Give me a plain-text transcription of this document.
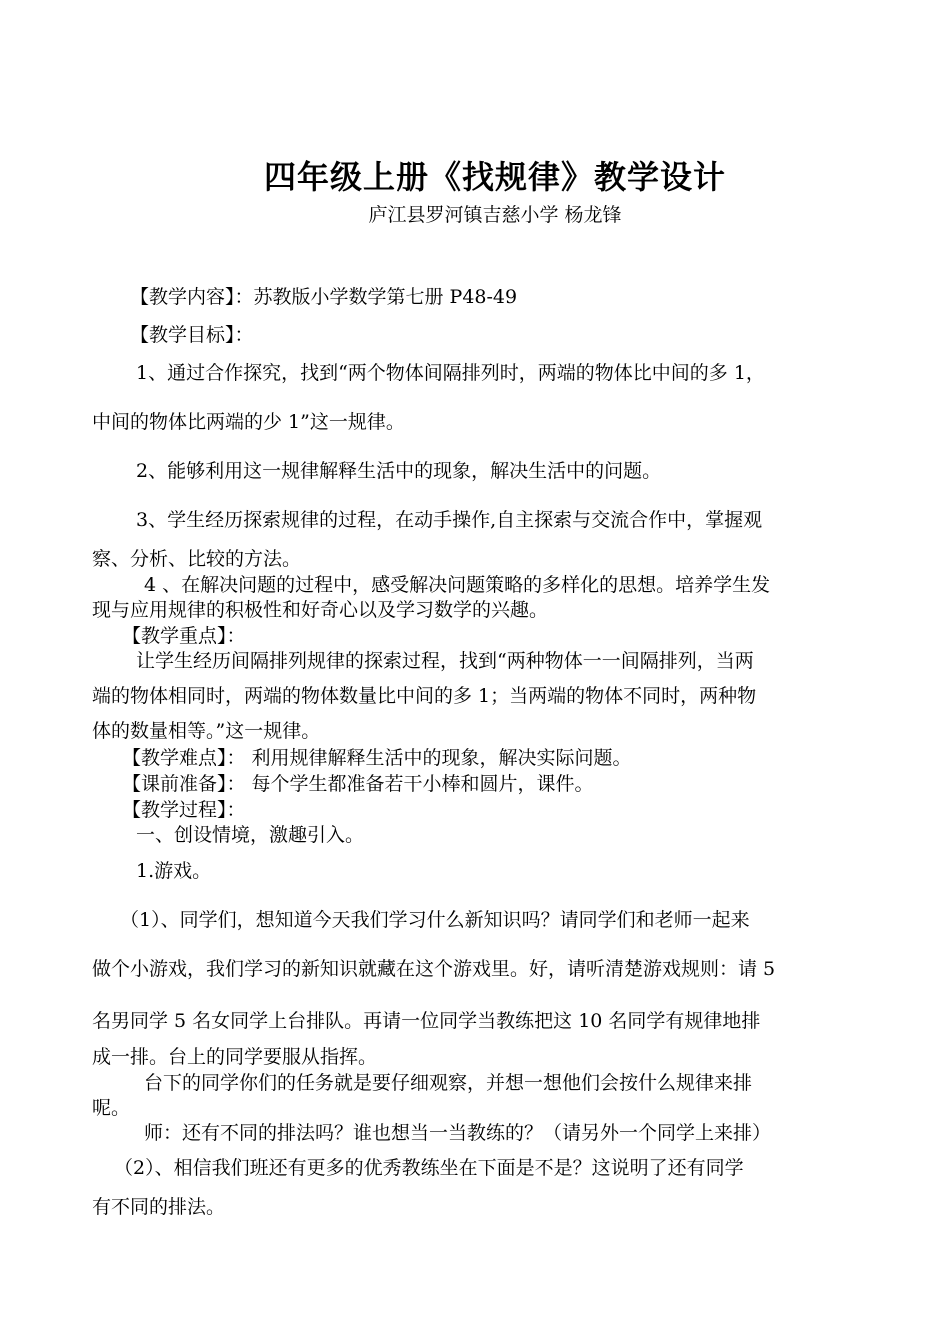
四年级上册《找规律》教学设计
庐江县罗河镇吉慈小学 杨龙锋
【教学内容】：苏教版小学数学第七册 P48-49
【教学目标】：
1、通过合作探究，找到“两个物体间隔排列时，两端的物体比中间的多 1，
中间的物体比两端的少 1”这一规律。
2、能够利用这一规律解释生活中的现象，解决生活中的问题。
3、学生经历探索规律的过程，在动手操作,自主探索与交流合作中，掌握观
察、分析、比较的方法。
4 、在解决问题的过程中，感受解决问题策略的多样化的思想。培养学生发
现与应用规律的积极性和好奇心以及学习数学的兴趣。
【教学重点】：
让学生经历间隔排列规律的探索过程，找到“两种物体一一间隔排列，当两
端的物体相同时，两端的物体数量比中间的多 1；当两端的物体不同时，两种物
体的数量相等。”这一规律。
【教学难点】： 利用规律解释生活中的现象，解决实际问题。
【课前准备】： 每个学生都准备若干小棒和圆片，课件。
【教学过程】：
一、创设情境，激趣引入。
1.游戏。
（1）、同学们，想知道今天我们学习什么新知识吗？请同学们和老师一起来
做个小游戏，我们学习的新知识就藏在这个游戏里。好，请听清楚游戏规则：请 5
名男同学 5 名女同学上台排队。再请一位同学当教练把这 10 名同学有规律地排
成一排。台上的同学要服从指挥。
台下的同学你们的任务就是要仔细观察，并想一想他们会按什么规律来排
呢。
师：还有不同的排法吗？谁也想当一当教练的？（请另外一个同学上来排）
（2）、相信我们班还有更多的优秀教练坐在下面是不是？这说明了还有同学
有不同的排法。
